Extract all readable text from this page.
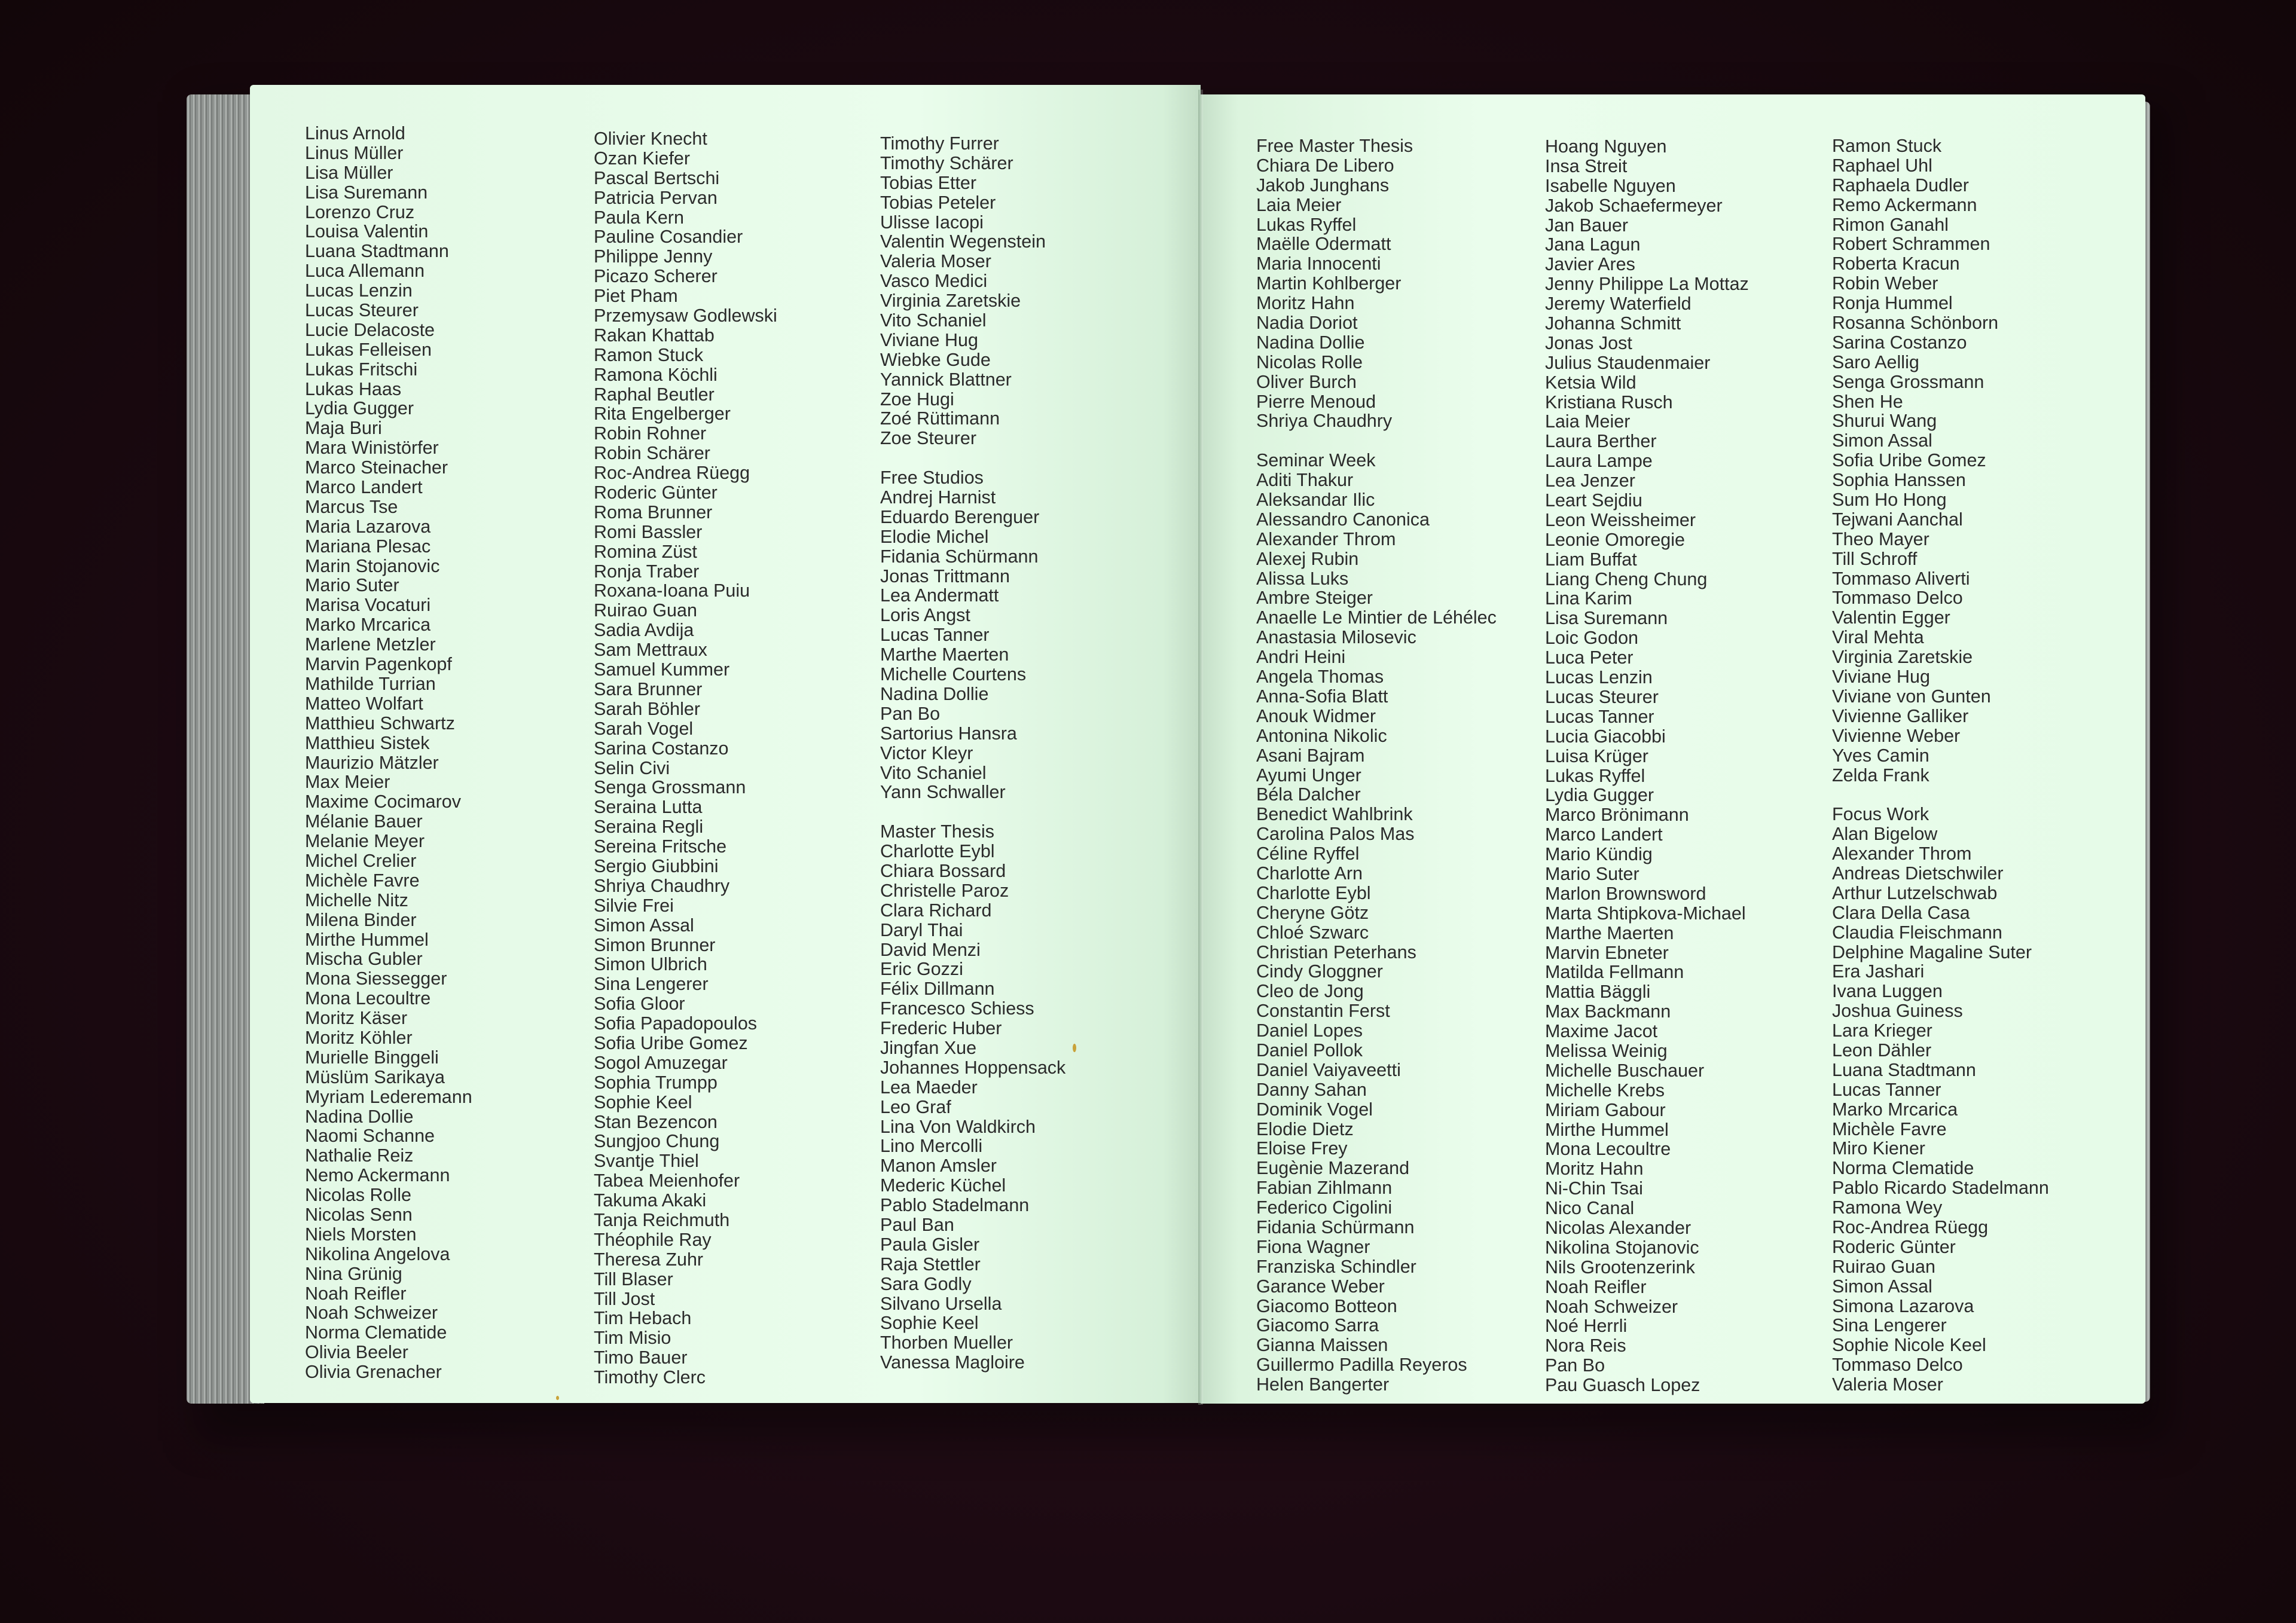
Linus Arnold
Linus Müller
Lisa Müller
Lisa Suremann
Lorenzo Cruz
Louisa Valentin
Luana Stadtmann
Luca Allemann
Lucas Lenzin
Lucas Steurer
Lucie Delacoste
Lukas Felleisen
Lukas Fritschi
Lukas Haas
Lydia Gugger
Maja Buri
Mara Winistörfer
Marco Steinacher
Marco Landert
Marcus Tse
Maria Lazarova
Mariana Plesac
Marin Stojanovic
Mario Suter
Marisa Vocaturi
Marko Mrcarica
Marlene Metzler
Marvin Pagenkopf
Mathilde Turrian
Matteo Wolfart
Matthieu Schwartz
Matthieu Sistek
Maurizio Mätzler
Max Meier
Maxime Cocimarov
Mélanie Bauer
Melanie Meyer
Michel Crelier
Michèle Favre
Michelle Nitz
Milena Binder
Mirthe Hummel
Mischa Gubler
Mona Siessegger
Mona Lecoultre
Moritz Käser
Moritz Köhler
Murielle Binggeli
Müslüm Sarikaya
Myriam Lederemann
Nadina Dollie
Naomi Schanne
Nathalie Reiz
Nemo Ackermann
Nicolas Rolle
Nicolas Senn
Niels Morsten
Nikolina Angelova
Nina Grünig
Noah Reifler
Noah Schweizer
Norma Clematide
Olivia Beeler
Olivia Grenacher
Olivier Knecht
Ozan Kiefer
Pascal Bertschi
Patricia Pervan
Paula Kern
Pauline Cosandier
Philippe Jenny
Picazo Scherer
Piet Pham
Przemysaw Godlewski
Rakan Khattab
Ramon Stuck
Ramona Köchli
Raphal Beutler
Rita Engelberger
Robin Rohner
Robin Schärer
Roc-Andrea Rüegg
Roderic Günter
Roma Brunner
Romi Bassler
Romina Züst
Ronja Traber
Roxana-Ioana Puiu
Ruirao Guan
Sadia Avdija
Sam Mettraux
Samuel Kummer
Sara Brunner
Sarah Böhler
Sarah Vogel
Sarina Costanzo
Selin Civi
Senga Grossmann
Seraina Lutta
Seraina Regli
Sereina Fritsche
Sergio Giubbini
Shriya Chaudhry
Silvie Frei
Simon Assal
Simon Brunner
Simon Ulbrich
Sina Lengerer
Sofia Gloor
Sofia Papadopoulos
Sofia Uribe Gomez
Sogol Amuzegar
Sophia Trumpp
Sophie Keel
Stan Bezencon
Sungjoo Chung
Svantje Thiel
Tabea Meienhofer
Takuma Akaki
Tanja Reichmuth
Théophile Ray
Theresa Zuhr
Till Blaser
Till Jost
Tim Hebach
Tim Misio
Timo Bauer
Timothy Clerc
Timothy Furrer
Timothy Schärer
Tobias Etter
Tobias Peteler
Ulisse Iacopi
Valentin Wegenstein
Valeria Moser
Vasco Medici
Virginia Zaretskie
Vito Schaniel
Viviane Hug
Wiebke Gude
Yannick Blattner
Zoe Hugi
Zoé Rüttimann
Zoe Steurer
Free Studios
Andrej Harnist
Eduardo Berenguer
Elodie Michel
Fidania Schürmann
Jonas Trittmann
Lea Andermatt
Loris Angst
Lucas Tanner
Marthe Maerten
Michelle Courtens
Nadina Dollie
Pan Bo
Sartorius Hansra
Victor Kleyr
Vito Schaniel
Yann Schwaller
Master Thesis
Charlotte Eybl
Chiara Bossard
Christelle Paroz
Clara Richard
Daryl Thai
David Menzi
Eric Gozzi
Félix Dillmann
Francesco Schiess
Frederic Huber
Jingfan Xue
Johannes Hoppensack
Lea Maeder
Leo Graf
Lina Von Waldkirch
Lino Mercolli
Manon Amsler
Mederic Küchel
Pablo Stadelmann
Paul Ban
Paula Gisler
Raja Stettler
Sara Godly
Silvano Ursella
Sophie Keel
Thorben Mueller
Vanessa Magloire
Free Master Thesis
Chiara De Libero
Jakob Junghans
Laia Meier
Lukas Ryffel
Maëlle Odermatt
Maria Innocenti
Martin Kohlberger
Moritz Hahn
Nadia Doriot
Nadina Dollie
Nicolas Rolle
Oliver Burch
Pierre Menoud
Shriya Chaudhry
Seminar Week
Aditi Thakur
Aleksandar Ilic
Alessandro Canonica
Alexander Throm
Alexej Rubin
Alissa Luks
Ambre Steiger
Anaelle Le Mintier de Léhélec
Anastasia Milosevic
Andri Heini
Angela Thomas
Anna-Sofia Blatt
Anouk Widmer
Antonina Nikolic
Asani Bajram
Ayumi Unger
Béla Dalcher
Benedict Wahlbrink
Carolina Palos Mas
Céline Ryffel
Charlotte Arn
Charlotte Eybl
Cheryne Götz
Chloé Szwarc
Christian Peterhans
Cindy Gloggner
Cleo de Jong
Constantin Ferst
Daniel Lopes
Daniel Pollok
Daniel Vaiyaveetti
Danny Sahan
Dominik Vogel
Elodie Dietz
Eloise Frey
Eugènie Mazerand
Fabian Zihlmann
Federico Cigolini
Fidania Schürmann
Fiona Wagner
Franziska Schindler
Garance Weber
Giacomo Botteon
Giacomo Sarra
Gianna Maissen
Guillermo Padilla Reyeros
Helen Bangerter
Hoang Nguyen
Insa Streit
Isabelle Nguyen
Jakob Schaefermeyer
Jan Bauer
Jana Lagun
Javier Ares
Jenny Philippe La Mottaz
Jeremy Waterfield
Johanna Schmitt
Jonas Jost
Julius Staudenmaier
Ketsia Wild
Kristiana Rusch
Laia Meier
Laura Berther
Laura Lampe
Lea Jenzer
Leart Sejdiu
Leon Weissheimer
Leonie Omoregie
Liam Buffat
Liang Cheng Chung
Lina Karim
Lisa Suremann
Loic Godon
Luca Peter
Lucas Lenzin
Lucas Steurer
Lucas Tanner
Lucia Giacobbi
Luisa Krüger
Lukas Ryffel
Lydia Gugger
Marco Brönimann
Marco Landert
Mario Kündig
Mario Suter
Marlon Brownsword
Marta Shtipkova-Michael
Marthe Maerten
Marvin Ebneter
Matilda Fellmann
Mattia Bäggli
Max Backmann
Maxime Jacot
Melissa Weinig
Michelle Buschauer
Michelle Krebs
Miriam Gabour
Mirthe Hummel
Mona Lecoultre
Moritz Hahn
Ni-Chin Tsai
Nico Canal
Nicolas Alexander
Nikolina Stojanovic
Nils Grootenzerink
Noah Reifler
Noah Schweizer
Noé Herrli
Nora Reis
Pan Bo
Pau Guasch Lopez
Ramon Stuck
Raphael Uhl
Raphaela Dudler
Remo Ackermann
Rimon Ganahl
Robert Schrammen
Roberta Kracun
Robin Weber
Ronja Hummel
Rosanna Schönborn
Sarina Costanzo
Saro Aellig
Senga Grossmann
Shen He
Shurui Wang
Simon Assal
Sofia Uribe Gomez
Sophia Hanssen
Sum Ho Hong
Tejwani Aanchal
Theo Mayer
Till Schroff
Tommaso Aliverti
Tommaso Delco
Valentin Egger
Viral Mehta
Virginia Zaretskie
Viviane Hug
Viviane von Gunten
Vivienne Galliker
Vivienne Weber
Yves Camin
Zelda Frank
Focus Work
Alan Bigelow
Alexander Throm
Andreas Dietschwiler
Arthur Lutzelschwab
Clara Della Casa
Claudia Fleischmann
Delphine Magaline Suter
Era Jashari
Ivana Luggen
Joshua Guiness
Lara Krieger
Leon Dähler
Luana Stadtmann
Lucas Tanner
Marko Mrcarica
Michèle Favre
Miro Kiener
Norma Clematide
Pablo Ricardo Stadelmann
Ramona Wey
Roc-Andrea Rüegg
Roderic Günter
Ruirao Guan
Simon Assal
Simona Lazarova
Sina Lengerer
Sophie Nicole Keel
Tommaso Delco
Valeria Moser
